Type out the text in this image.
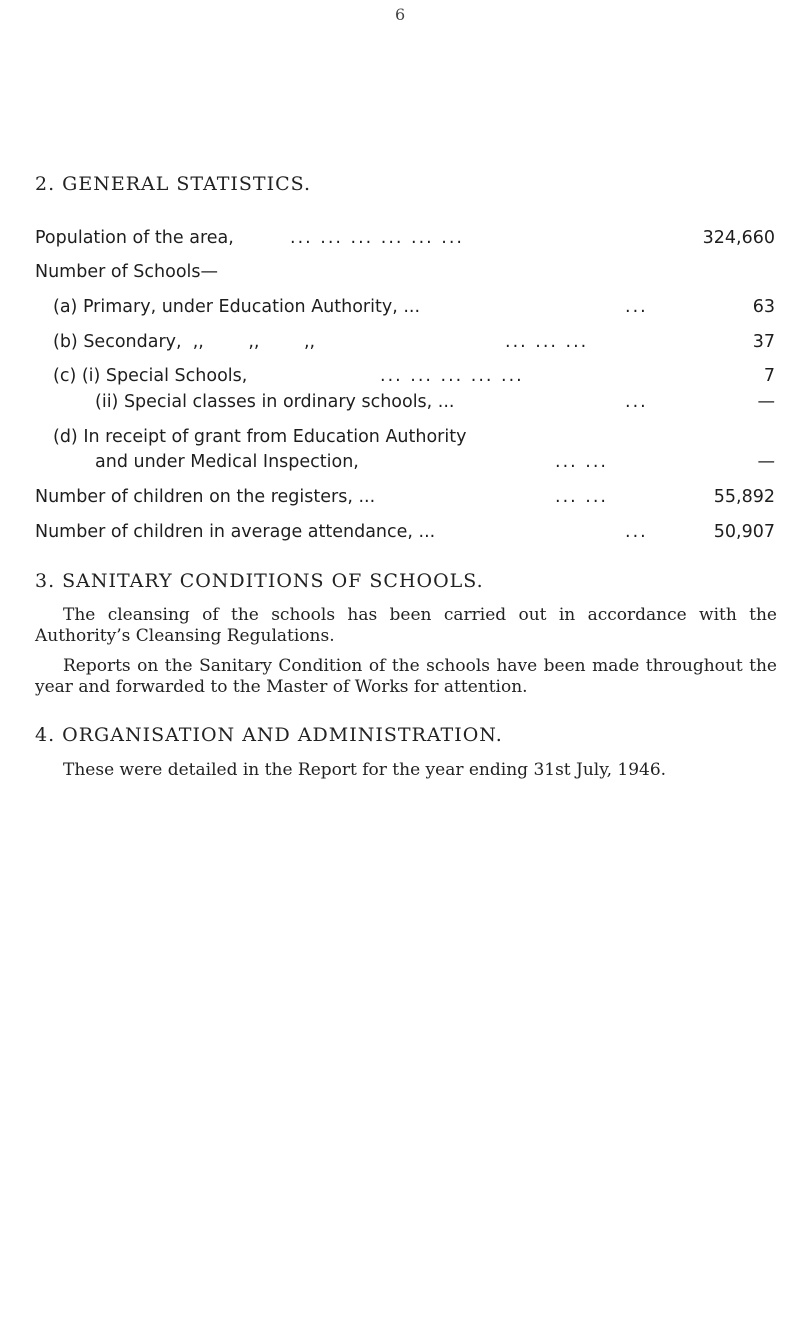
6
2. GENERAL STATISTICS.
Population of the area,	... ... ... ... ... ...	324,660
Number of Schools—
(a) Primary, under Education Authority, ...	...	63
(b) Secondary,  ,,        ,,        ,,	... ... ...	37
(c) (i) Special Schools,	... ... ... ... ...	7
(ii) Special classes in ordinary schools, ...	...	—
(d) In receipt of grant from Education Authority
and under Medical Inspection,	... ...	—
Number of children on the registers, ...	... ...	55,892
Number of children in average attendance, ...	...	50,907
3. SANITARY CONDITIONS OF SCHOOLS.
The cleansing of the schools has been carried out in accordance with the Authority’s Cleansing Regulations.
Reports on the Sanitary Condition of the schools have been made throughout the year and forwarded to the Master of Works for attention.
4. ORGANISATION AND ADMINISTRATION.
These were detailed in the Report for the year ending 31st July, 1946.
